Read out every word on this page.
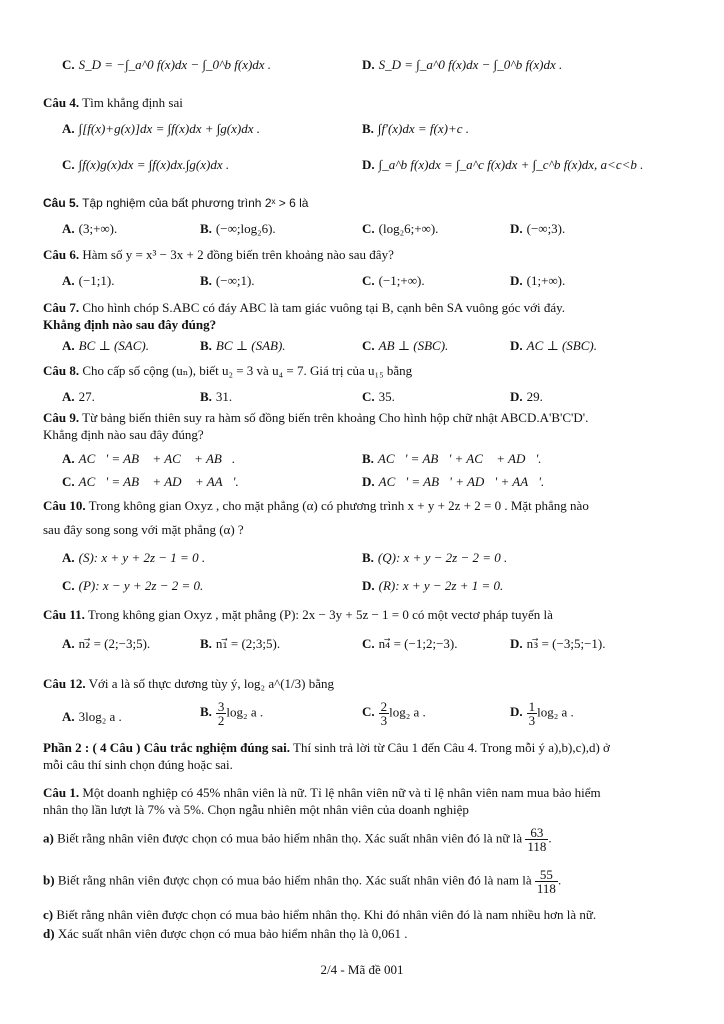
C. S_D = −∫_a^0 f(x)dx − ∫_0^b f(x)dx .	D. S_D = ∫_a^0 f(x)dx − ∫_0^b f(x)dx .
Câu 4. Tìm khẳng định sai
A. ∫[f(x)+g(x)]dx = ∫f(x)dx + ∫g(x)dx .	B. ∫f′(x)dx = f(x)+c .
C. ∫f(x)g(x)dx = ∫f(x)dx.∫g(x)dx .	D. ∫_a^b f(x)dx = ∫_a^c f(x)dx + ∫_c^b f(x)dx, a<c<b .
Câu 5. Tập nghiệm của bất phương trình 2ˣ > 6 là
A. (3;+∞).	B. (−∞;log₂6).	C. (log₂6;+∞).	D. (−∞;3).
Câu 6. Hàm số y = x³ − 3x + 2 đồng biến trên khoảng nào sau đây?
A. (−1;1).	B. (−∞;1).	C. (−1;+∞).	D. (1;+∞).
Câu 7. Cho hình chóp S.ABC có đáy ABC là tam giác vuông tại B, cạnh bên SA vuông góc với đáy.
Khẳng định nào sau đây đúng?
A. BC ⊥ (SAC).	B. BC ⊥ (SAB).	C. AB ⊥ (SBC).	D. AC ⊥ (SBC).
Câu 8. Cho cấp số cộng (uₙ), biết u₂ = 3 và u₄ = 7. Giá trị của u₁₅ bằng
A. 27.	B. 31.	C. 35.	D. 29.
Câu 9. Từ bảng biến thiên suy ra hàm số đồng biến trên khoảng Cho hình hộp chữ nhật ABCD.A'B'C'D'.
Khẳng định nào sau đây đúng?
A. AC⃗' = AB⃗ + AC⃗ + AB⃗.	B. AC⃗' = AB⃗' + AC⃗ + AD⃗'.
C. AC⃗' = AB⃗ + AD⃗ + AA⃗'.	D. AC⃗' = AB⃗' + AD⃗' + AA⃗'.
Câu 10. Trong không gian Oxyz , cho mặt phẳng (α) có phương trình x + y + 2z + 2 = 0 . Mặt phẳng nào
sau đây song song với mặt phẳng (α) ?
A. (S): x + y + 2z − 1 = 0 .	B. (Q): x + y − 2z − 2 = 0 .
C. (P): x − y + 2z − 2 = 0.	D. (R): x + y − 2z + 1 = 0.
Câu 11. Trong không gian Oxyz , mặt phẳng (P): 2x − 3y + 5z − 1 = 0 có một vectơ pháp tuyến là
A. n₂⃗ = (2;−3;5).	B. n₁⃗ = (2;3;5).	C. n₄⃗ = (−1;2;−3).	D. n₃⃗ = (−3;5;−1).
Câu 12. Với a là số thực dương tùy ý, log₂ a^(1/3) bằng
A. 3log₂ a .	B. $\frac{3}{2} \log_2$ a .	C. $\frac{2}{3} \log_2$ a .	D. $\frac{1}{3} \log_2$ a .
Phần 2 : ( 4 Câu ) Câu trắc nghiệm đúng sai. Thí sinh trả lời từ Câu 1 đến Câu 4. Trong mỗi ý a),b),c),d) ở
mỗi câu thí sinh chọn đúng hoặc sai.
Câu 1. Một doanh nghiệp có 45% nhân viên là nữ. Tỉ lệ nhân viên nữ và tỉ lệ nhân viên nam mua bảo hiểm
nhân thọ lần lượt là 7% và 5%. Chọn ngẫu nhiên một nhân viên của doanh nghiệp
a) Biết rằng nhân viên được chọn có mua bảo hiểm nhân thọ. Xác suất nhân viên đó là nữ là $\frac{63}{118}$ .
b) Biết rằng nhân viên được chọn có mua bảo hiểm nhân thọ. Xác suất nhân viên đó là nam là $\frac{55}{118}$ .
c) Biết rằng nhân viên được chọn có mua bảo hiểm nhân thọ. Khi đó nhân viên đó là nam nhiều hơn là nữ.
d) Xác suất nhân viên được chọn có mua bảo hiểm nhân thọ là 0,061 .
2/4 - Mã đề 001
